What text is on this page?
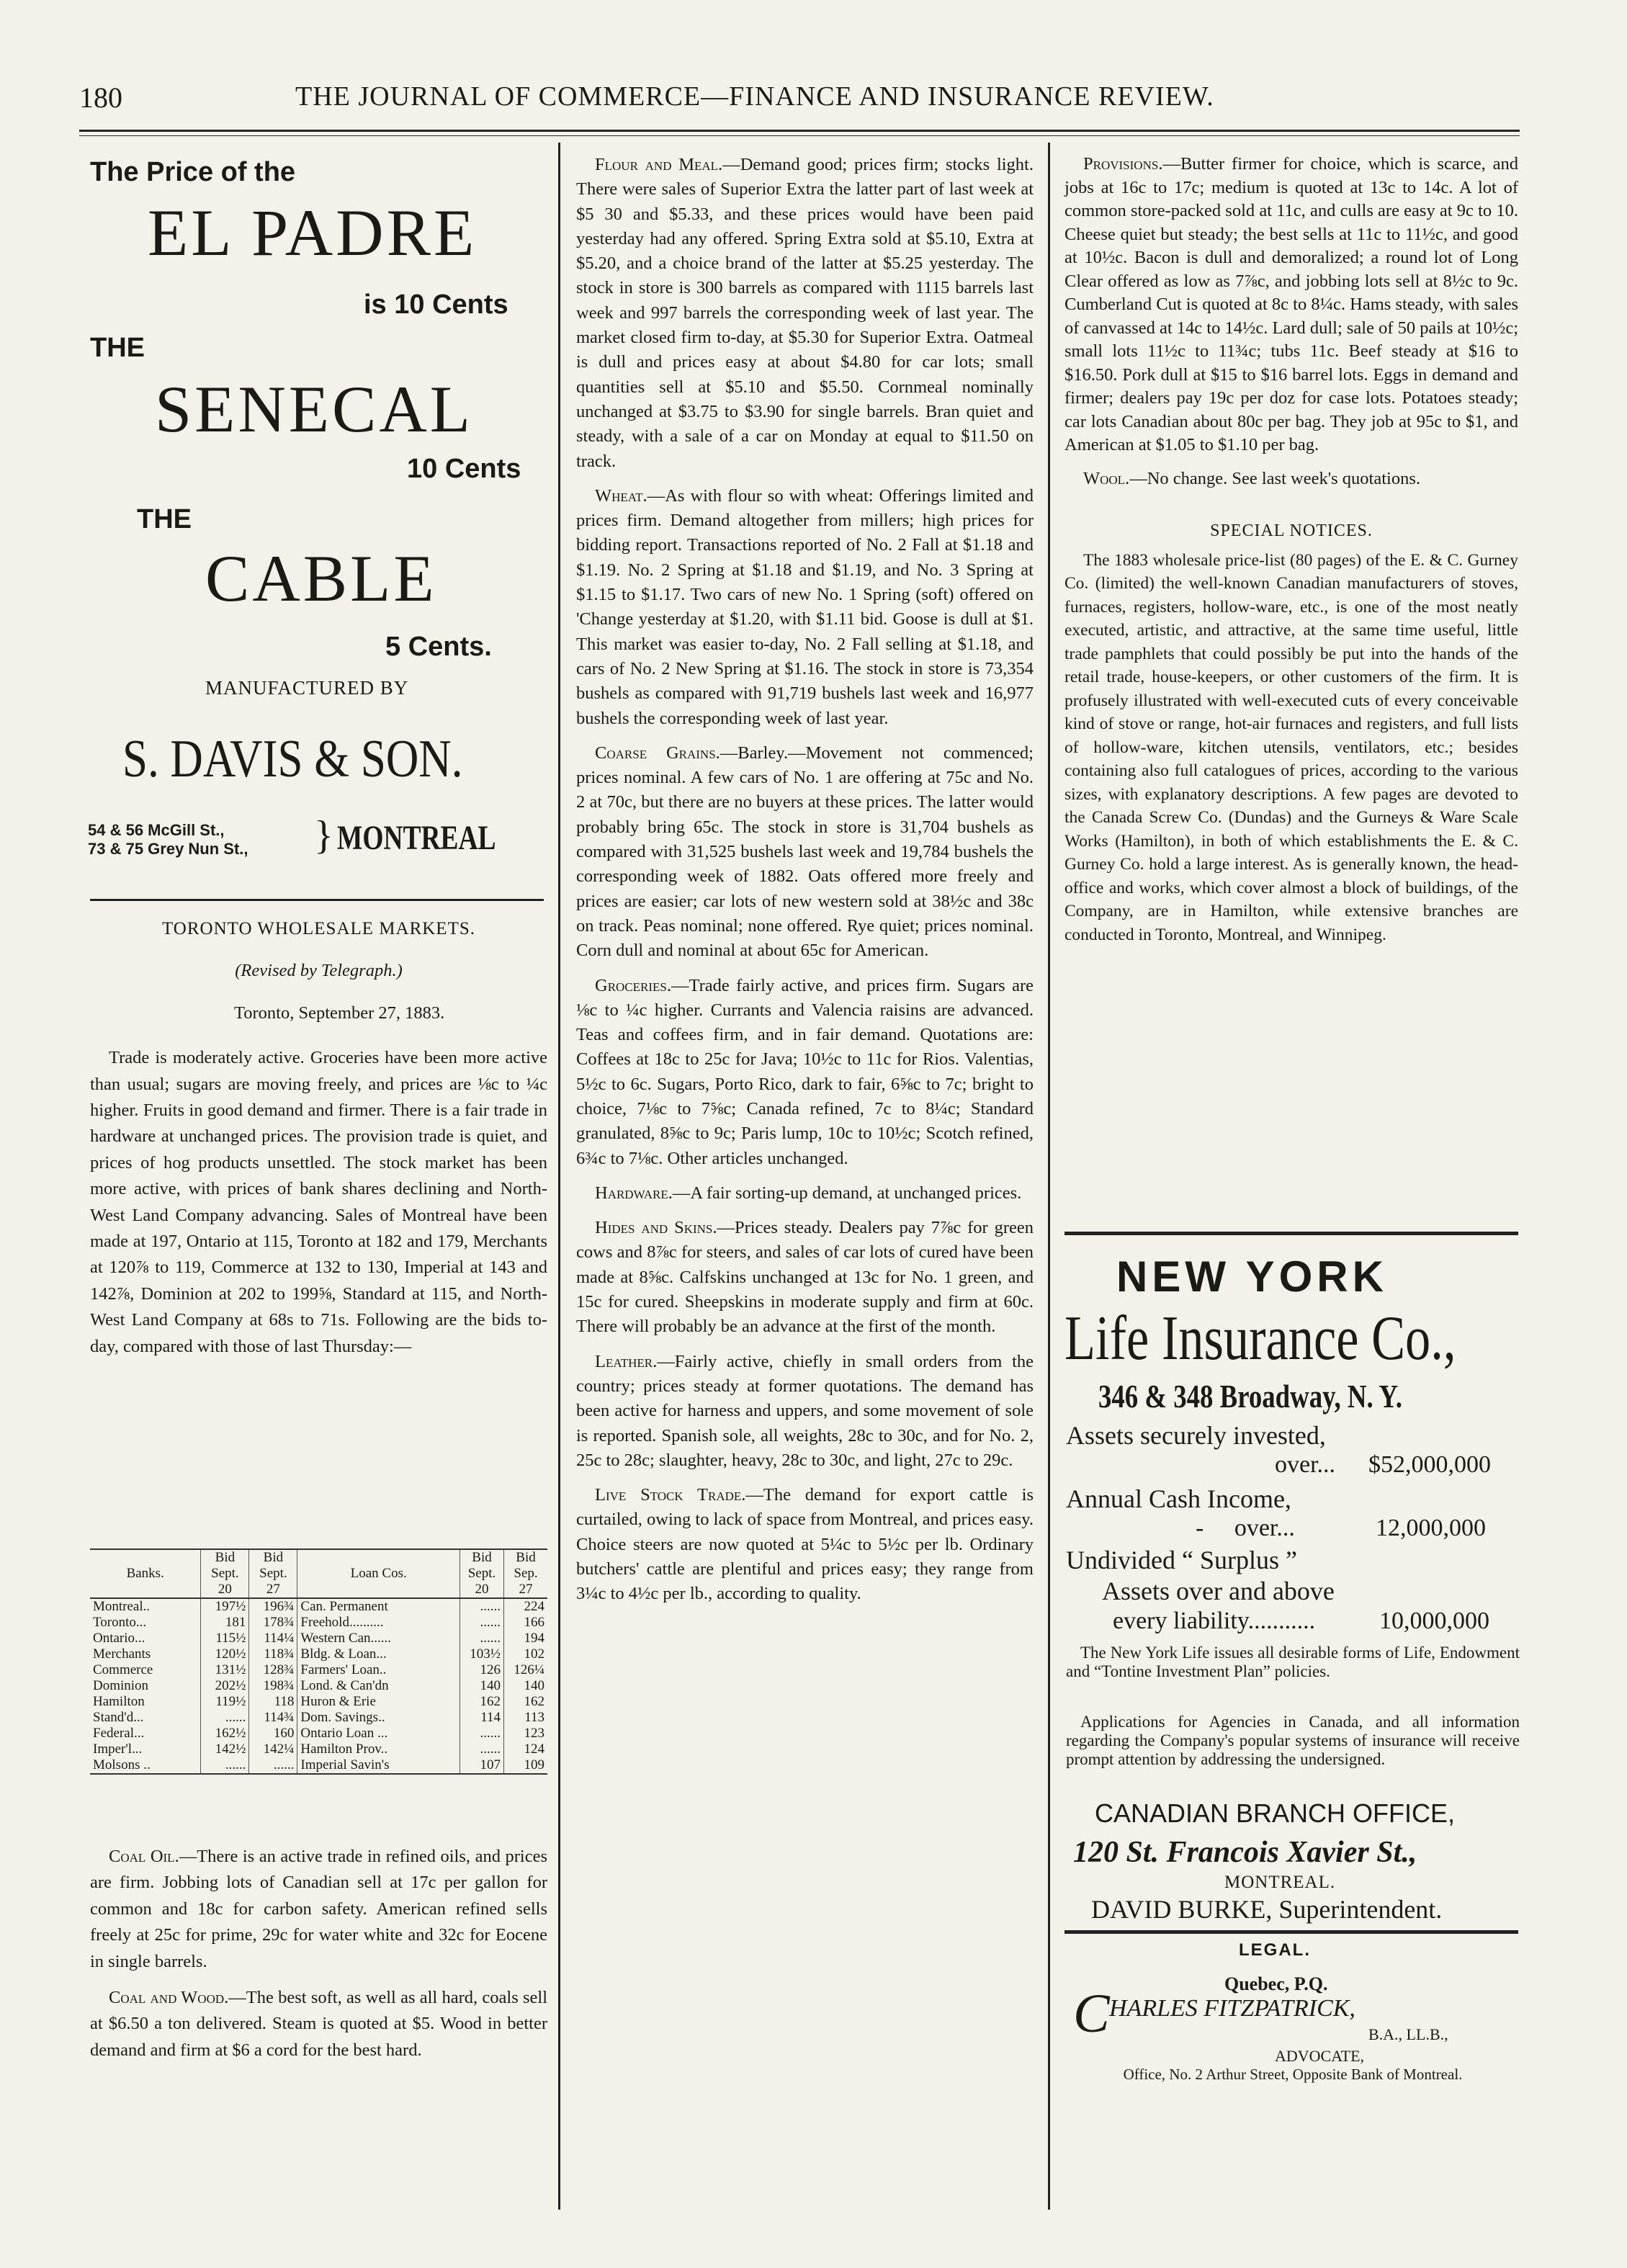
180	THE JOURNAL OF COMMERCE—FINANCE AND INSURANCE REVIEW.
The Price of the
EL PADRE
is 10 Cents
THE
SENECAL
10 Cents
THE
CABLE
5 Cents.
MANUFACTURED BY
S. DAVIS & SON.
54 & 56 McGill St.,
73 & 75 Grey Nun St., } MONTREAL
TORONTO WHOLESALE MARKETS.
(Revised by Telegraph.)
Toronto, September 27, 1883.

Trade is moderately active. Groceries have been more active than usual; sugars are moving freely, and prices are ⅛c to ¼c higher. Fruits in good demand and firmer. There is a fair trade in hardware at unchanged prices. The provision trade is quiet, and prices of hog products unsettled. The stock market has been more active, with prices of bank shares declining and North-West Land Company advancing. Sales of Montreal have been made at 197, Ontario at 115, Toronto at 182 and 179, Merchants at 120⅞ to 119, Commerce at 132 to 130, Imperial at 143 and 142⅞, Dominion at 202 to 199⅝, Standard at 115, and North-West Land Company at 68s to 71s. Following are the bids to-day, compared with those of last Thursday:—

Banks.	Bid Sept. 20	Bid Sept. 27	Loan Cos.	Bid Sept. 20	Bid Sep. 27
Montreal..	197½	196¾	Can. Permanent	......	224
Toronto...	181	178¾	Freehold..........	......	166
Ontario...	115½	114¼	Western Can......	......	194
Merchants	120½	118¾	Bldg. & Loan...	103½	102
Commerce	131½	128¾	Farmers' Loan..	126	126¼
Dominion	202½	198¾	Lond. & Can'dn	140	140
Hamilton	119½	118	Huron & Erie	162	162
Stand'd...	......	114¾	Dom. Savings..	114	113
Federal...	162½	160	Ontario Loan ...	......	123
Imper'l...	142½	142¼	Hamilton Prov..	......	124
Molsons ..	......	......	Imperial Savin's	107	109

Coal Oil.—There is an active trade in refined oils, and prices are firm. Jobbing lots of Canadian sell at 17c per gallon for common and 18c for carbon safety. American refined sells freely at 25c for prime, 29c for water white and 32c for Eocene in single barrels.

Coal and Wood.—The best soft, as well as all hard, coals sell at $6.50 a ton delivered. Steam is quoted at $5. Wood in better demand and firm at $6 a cord for the best hard.

Flour and Meal.—Demand good; prices firm; stocks light. There were sales of Superior Extra the latter part of last week at $5 30 and $5.33, and these prices would have been paid yesterday had any offered. Spring Extra sold at $5.10, Extra at $5.20, and a choice brand of the latter at $5.25 yesterday. The stock in store is 300 barrels as compared with 1115 barrels last week and 997 barrels the corresponding week of last year. The market closed firm to-day, at $5.30 for Superior Extra. Oatmeal is dull and prices easy at about $4.80 for car lots; small quantities sell at $5.10 and $5.50. Cornmeal nominally unchanged at $3.75 to $3.90 for single barrels. Bran quiet and steady, with a sale of a car on Monday at equal to $11.50 on track.

Wheat.—As with flour so with wheat: Offerings limited and prices firm. Demand altogether from millers; high prices for bidding report. Transactions reported of No. 2 Fall at $1.18 and $1.19. No. 2 Spring at $1.18 and $1.19, and No. 3 Spring at $1.15 to $1.17. Two cars of new No. 1 Spring (soft) offered on 'Change yesterday at $1.20, with $1.11 bid. Goose is dull at $1. This market was easier to-day, No. 2 Fall selling at $1.18, and cars of No. 2 New Spring at $1.16. The stock in store is 73,354 bushels as compared with 91,719 bushels last week and 16,977 bushels the corresponding week of last year.

Coarse Grains.—Barley.—Movement not commenced; prices nominal. A few cars of No. 1 are offering at 75c and No. 2 at 70c, but there are no buyers at these prices. The latter would probably bring 65c. The stock in store is 31,704 bushels as compared with 31,525 bushels last week and 19,784 bushels the corresponding week of 1882. Oats offered more freely and prices are easier; car lots of new western sold at 38½c and 38c on track. Peas nominal; none offered. Rye quiet; prices nominal. Corn dull and nominal at about 65c for American.

Groceries.—Trade fairly active, and prices firm. Sugars are ⅛c to ¼c higher. Currants and Valencia raisins are advanced. Teas and coffees firm, and in fair demand. Quotations are: Coffees at 18c to 25c for Java; 10½c to 11c for Rios. Valentias, 5½c to 6c. Sugars, Porto Rico, dark to fair, 6⅝c to 7c; bright to choice, 7⅛c to 7⅝c; Canada refined, 7c to 8¼c; Standard granulated, 8⅝c to 9c; Paris lump, 10c to 10½c; Scotch refined, 6¾c to 7⅛c. Other articles unchanged.

Hardware.—A fair sorting-up demand, at unchanged prices.

Hides and Skins.—Prices steady. Dealers pay 7⅞c for green cows and 8⅞c for steers, and sales of car lots of cured have been made at 8⅝c. Calfskins unchanged at 13c for No. 1 green, and 15c for cured. Sheepskins in moderate supply and firm at 60c. There will probably be an advance at the first of the month.

Leather.—Fairly active, chiefly in small orders from the country; prices steady at former quotations. The demand has been active for harness and uppers, and some movement of sole is reported. Spanish sole, all weights, 28c to 30c, and for No. 2, 25c to 28c; slaughter, heavy, 28c to 30c, and light, 27c to 29c.

Live Stock Trade.—The demand for export cattle is curtailed, owing to lack of space from Montreal, and prices easy. Choice steers are now quoted at 5¼c to 5½c per lb. Ordinary butchers' cattle are plentiful and prices easy; they range from 3¼c to 4½c per lb., according to quality.

Provisions.—Butter firmer for choice, which is scarce, and jobs at 16c to 17c; medium is quoted at 13c to 14c. A lot of common store-packed sold at 11c, and culls are easy at 9c to 10. Cheese quiet but steady; the best sells at 11c to 11½c, and good at 10½c. Bacon is dull and demoralized; a round lot of Long Clear offered as low as 7⅞c, and jobbing lots sell at 8½c to 9c. Cumberland Cut is quoted at 8c to 8¼c. Hams steady, with sales of canvassed at 14c to 14½c. Lard dull; sale of 50 pails at 10½c; small lots 11½c to 11¾c; tubs 11c. Beef steady at $16 to $16.50. Pork dull at $15 to $16 barrel lots. Eggs in demand and firmer; dealers pay 19c per doz for case lots. Potatoes steady; car lots Canadian about 80c per bag. They job at 95c to $1, and American at $1.05 to $1.10 per bag.

Wool.—No change. See last week's quotations.

SPECIAL NOTICES.

The 1883 wholesale price-list (80 pages) of the E. & C. Gurney Co. (limited) the well-known Canadian manufacturers of stoves, furnaces, registers, hollow-ware, etc., is one of the most neatly executed, artistic, and attractive, at the same time useful, little trade pamphlets that could possibly be put into the hands of the retail trade, house-keepers, or other customers of the firm. It is profusely illustrated with well-executed cuts of every conceivable kind of stove or range, hot-air furnaces and registers, and full lists of hollow-ware, kitchen utensils, ventilators, etc.; besides containing also full catalogues of prices, according to the various sizes, with explanatory descriptions. A few pages are devoted to the Canada Screw Co. (Dundas) and the Gurneys & Ware Scale Works (Hamilton), in both of which establishments the E. & C. Gurney Co. hold a large interest. As is generally known, the head-office and works, which cover almost a block of buildings, of the Company, are in Hamilton, while extensive branches are conducted in Toronto, Montreal, and Winnipeg.

NEW YORK
Life Insurance Co.,
346 & 348 Broadway, N. Y.
Assets securely invested,
over... $52,000,000
Annual Cash Income,
-     over...	12,000,000
Undivided “ Surplus ”
Assets over and above
every liability...........	10,000,000
The New York Life issues all desirable forms of Life, Endowment and “Tontine Investment Plan” policies.
Applications for Agencies in Canada, and all information regarding the Company's popular systems of insurance will receive prompt attention by addressing the undersigned.
CANADIAN BRANCH OFFICE,
120 St. Francois Xavier St.,
MONTREAL.
DAVID BURKE, Superintendent.
LEGAL.
Quebec, P.Q.
C HARLES FITZPATRICK,
B.A., LL.B.,
ADVOCATE,
Office, No. 2 Arthur Street, Opposite Bank of Montreal.
